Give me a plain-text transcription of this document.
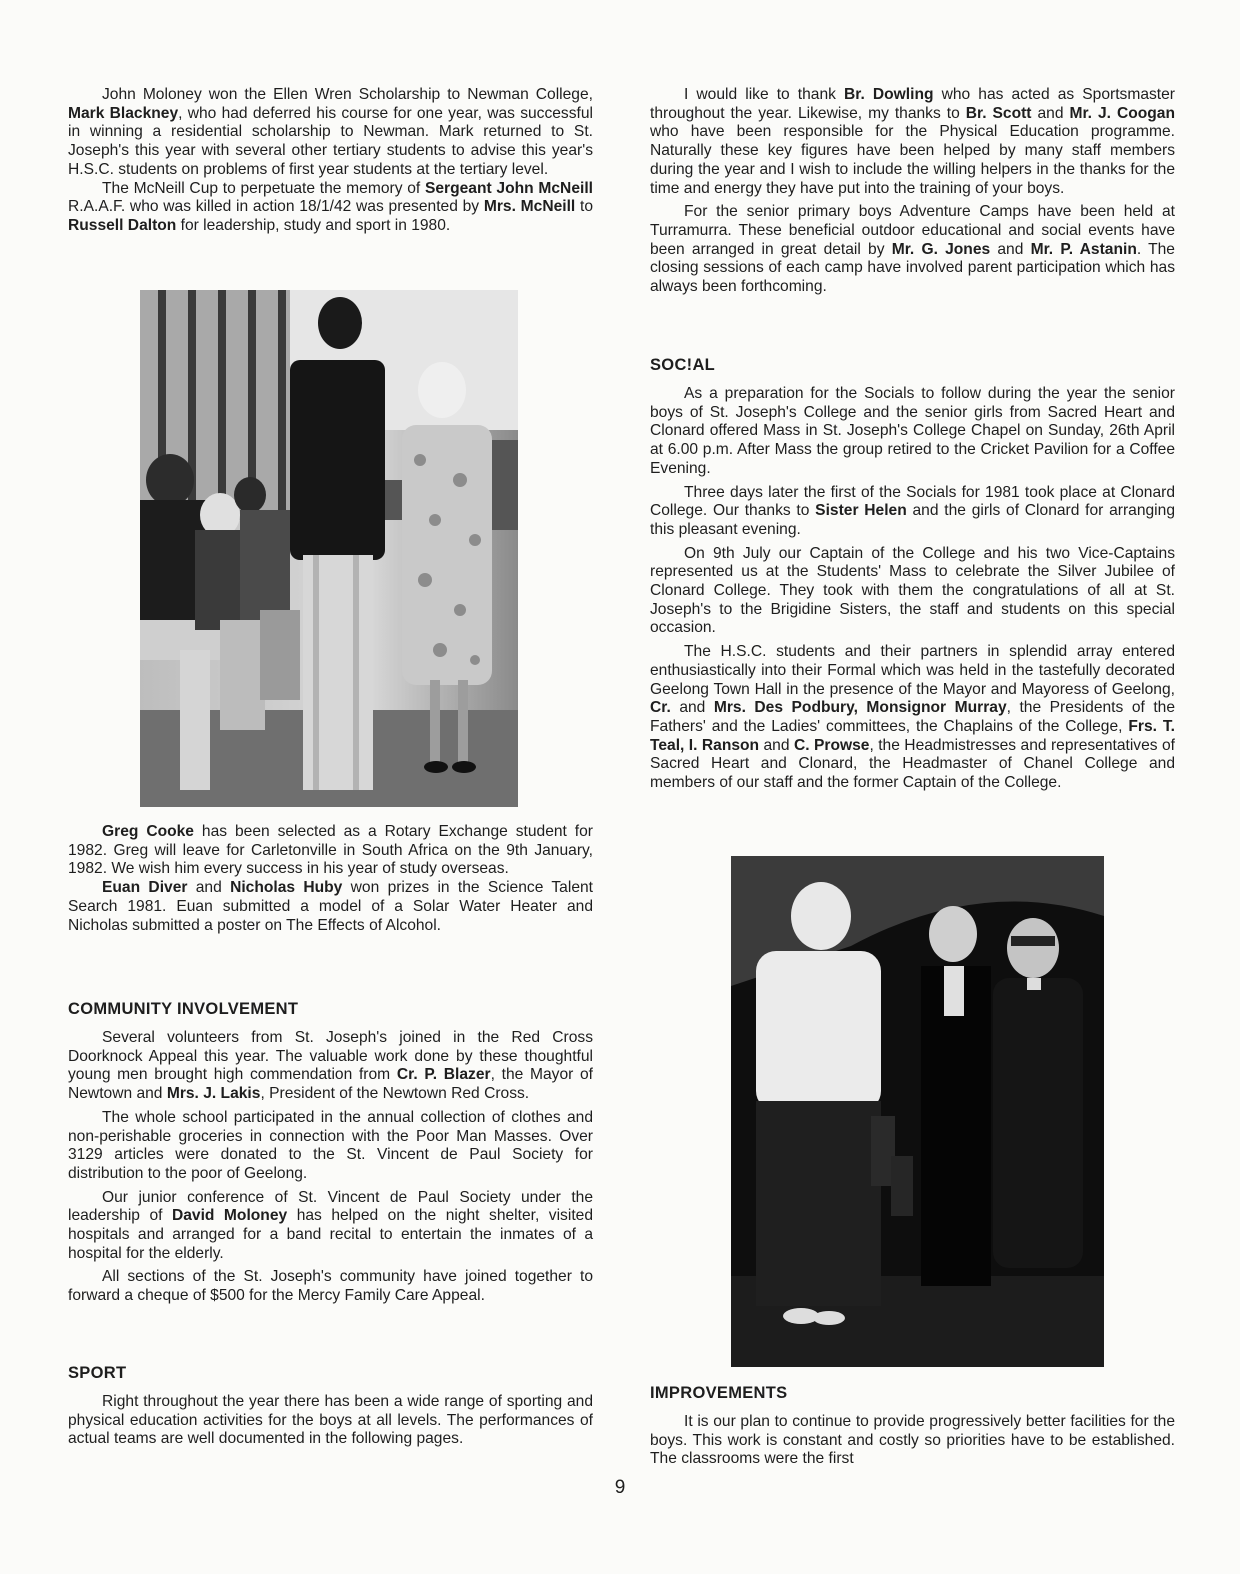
John Moloney won the Ellen Wren Scholarship to Newman College, Mark Blackney, who had deferred his course for one year, was successful in winning a residential scholarship to Newman. Mark returned to St. Joseph's this year with several other tertiary students to advise this year's H.S.C. students on problems of first year students at the tertiary level.

The McNeill Cup to perpetuate the memory of Sergeant John McNeill R.A.A.F. who was killed in action 18/1/42 was presented by Mrs. McNeill to Russell Dalton for leadership, study and sport in 1980.

Greg Cooke has been selected as a Rotary Exchange student for 1982. Greg will leave for Carletonville in South Africa on the 9th January, 1982. We wish him every success in his year of study overseas.

Euan Diver and Nicholas Huby won prizes in the Science Talent Search 1981. Euan submitted a model of a Solar Water Heater and Nicholas submitted a poster on The Effects of Alcohol.

COMMUNITY INVOLVEMENT

Several volunteers from St. Joseph's joined in the Red Cross Doorknock Appeal this year. The valuable work done by these thoughtful young men brought high commendation from Cr. P. Blazer, the Mayor of Newtown and Mrs. J. Lakis, President of the Newtown Red Cross.

The whole school participated in the annual collection of clothes and non-perishable groceries in connection with the Poor Man Masses. Over 3129 articles were donated to the St. Vincent de Paul Society for distribution to the poor of Geelong.

Our junior conference of St. Vincent de Paul Society under the leadership of David Moloney has helped on the night shelter, visited hospitals and arranged for a band recital to entertain the inmates of a hospital for the elderly.

All sections of the St. Joseph's community have joined together to forward a cheque of $500 for the Mercy Family Care Appeal.

SPORT

Right throughout the year there has been a wide range of sporting and physical education activities for the boys at all levels. The performances of actual teams are well documented in the following pages.

I would like to thank Br. Dowling who has acted as Sportsmaster throughout the year. Likewise, my thanks to Br. Scott and Mr. J. Coogan who have been responsible for the Physical Education programme. Naturally these key figures have been helped by many staff members during the year and I wish to include the willing helpers in the thanks for the time and energy they have put into the training of your boys.

For the senior primary boys Adventure Camps have been held at Turramurra. These beneficial outdoor educational and social events have been arranged in great detail by Mr. G. Jones and Mr. P. Astanin. The closing sessions of each camp have involved parent participation which has always been forthcoming.

SOC!AL

As a preparation for the Socials to follow during the year the senior boys of St. Joseph's College and the senior girls from Sacred Heart and Clonard offered Mass in St. Joseph's College Chapel on Sunday, 26th April at 6.00 p.m. After Mass the group retired to the Cricket Pavilion for a Coffee Evening.

Three days later the first of the Socials for 1981 took place at Clonard College. Our thanks to Sister Helen and the girls of Clonard for arranging this pleasant evening.

On 9th July our Captain of the College and his two Vice-Captains represented us at the Students' Mass to celebrate the Silver Jubilee of Clonard College. They took with them the congratulations of all at St. Joseph's to the Brigidine Sisters, the staff and students on this special occasion.

The H.S.C. students and their partners in splendid array entered enthusiastically into their Formal which was held in the tastefully decorated Geelong Town Hall in the presence of the Mayor and Mayoress of Geelong, Cr. and Mrs. Des Podbury, Monsignor Murray, the Presidents of the Fathers' and the Ladies' committees, the Chaplains of the College, Frs. T. Teal, I. Ranson and C. Prowse, the Headmistresses and representatives of Sacred Heart and Clonard, the Headmaster of Chanel College and members of our staff and the former Captain of the College.

IMPROVEMENTS

It is our plan to continue to provide progressively better facilities for the boys. This work is constant and costly so priorities have to be established. The classrooms were the first

9
